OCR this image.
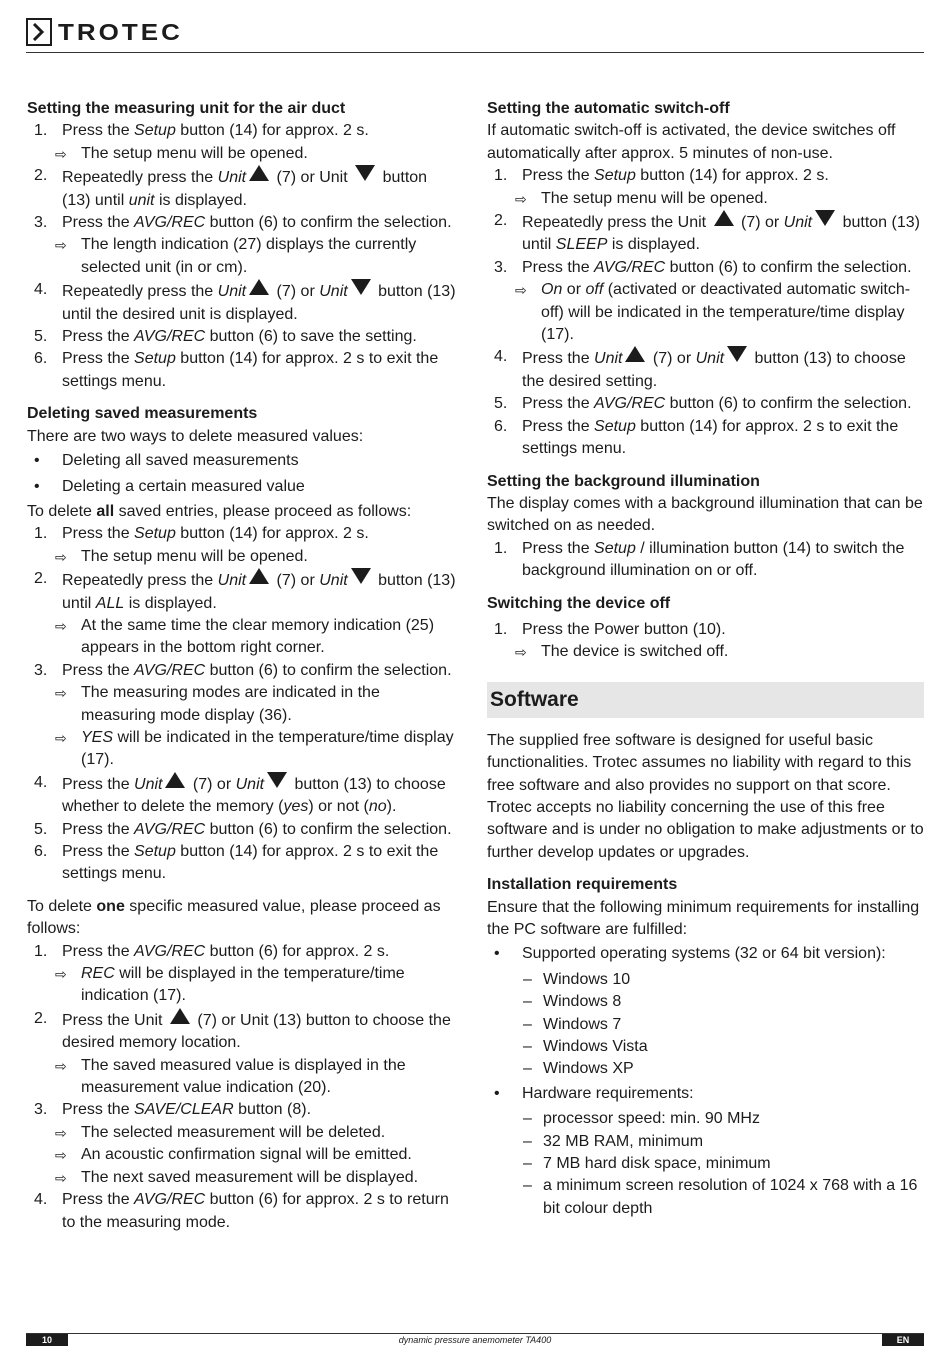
TROTEC
Setting the measuring unit for the air duct
1. Press the Setup button (14) for approx. 2 s.
⇨ The setup menu will be opened.
2. Repeatedly press the Unit (7) or Unit  button (13) until unit is displayed.
3. Press the AVG/REC button (6) to confirm the selection.
⇨ The length indication (27) displays the currently selected unit (in or cm).
4. Repeatedly press the Unit (7) or Unit button (13) until the desired unit is displayed.
5. Press the AVG/REC button (6) to save the setting.
6. Press the Setup button (14) for approx. 2 s to exit the settings menu.
Deleting saved measurements
There are two ways to delete measured values:
• Deleting all saved measurements
• Deleting a certain measured value
To delete all saved entries, please proceed as follows:
1. Press the Setup button (14) for approx. 2 s.
⇨ The setup menu will be opened.
2. Repeatedly press the Unit (7) or Unit button (13) until ALL is displayed.
⇨ At the same time the clear memory indication (25) appears in the bottom right corner.
3. Press the AVG/REC button (6) to confirm the selection.
⇨ The measuring modes are indicated in the measuring mode display (36).
⇨ YES will be indicated in the temperature/time display (17).
4. Press the Unit (7) or Unit button (13) to choose whether to delete the memory (yes) or not (no).
5. Press the AVG/REC button (6) to confirm the selection.
6. Press the Setup button (14) for approx. 2 s to exit the settings menu.
To delete one specific measured value, please proceed as follows:
1. Press the AVG/REC button (6) for approx. 2 s.
⇨ REC will be displayed in the temperature/time indication (17).
2. Press the Unit  (7) or Unit (13) button to choose the desired memory location.
⇨ The saved measured value is displayed in the measurement value indication (20).
3. Press the SAVE/CLEAR button (8).
⇨ The selected measurement will be deleted.
⇨ An acoustic confirmation signal will be emitted.
⇨ The next saved measurement will be displayed.
4. Press the AVG/REC button (6) for approx. 2 s to return to the measuring mode.
Setting the automatic switch-off
If automatic switch-off is activated, the device switches off automatically after approx. 5 minutes of non-use.
1. Press the Setup button (14) for approx. 2 s.
⇨ The setup menu will be opened.
2. Repeatedly press the Unit  (7) or Unit button (13) until SLEEP is displayed.
3. Press the AVG/REC button (6) to confirm the selection.
⇨ On or off (activated or deactivated automatic switch-off) will be indicated in the temperature/time display (17).
4. Press the Unit (7) or Unit button (13) to choose the desired setting.
5. Press the AVG/REC button (6) to confirm the selection.
6. Press the Setup button (14) for approx. 2 s to exit the settings menu.
Setting the background illumination
The display comes with a background illumination that can be switched on as needed.
1. Press the Setup / illumination button (14) to switch the background illumination on or off.
Switching the device off
1. Press the Power button (10).
⇨ The device is switched off.
Software
The supplied free software is designed for useful basic functionalities. Trotec assumes no liability with regard to this free software and also provides no support on that score. Trotec accepts no liability concerning the use of this free software and is under no obligation to make adjustments or to further develop updates or upgrades.
Installation requirements
Ensure that the following minimum requirements for installing the PC software are fulfilled:
• Supported operating systems (32 or 64 bit version):
– Windows 10
– Windows 8
– Windows 7
– Windows Vista
– Windows XP
• Hardware requirements:
– processor speed: min. 90 MHz
– 32 MB RAM, minimum
– 7 MB hard disk space, minimum
– a minimum screen resolution of 1024 x 768 with a 16 bit colour depth
dynamic pressure anemometer TA400
10	EN
